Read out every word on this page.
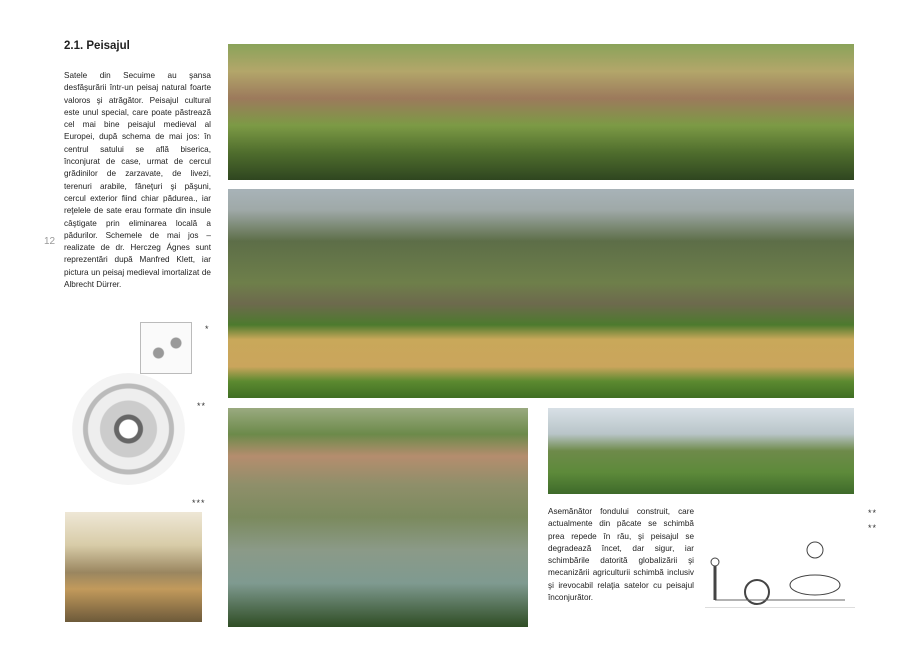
2.1. Peisajul
Satele din Secuime au şansa desfăşurării într-un peisaj natural foarte valoros şi atrăgător. Peisajul cultural este unul special, care poate păstrează cel mai bine peisajul medieval al Europei, după schema de mai jos: în centrul satului se află biserica, înconjurat de case, urmat de cercul grădinilor de zarzavate, de livezi, terenuri arabile, fâneţuri şi păşuni, cercul exterior fiind chiar pădurea., iar reţelele de sate erau formate din insule câştigate prin eliminarea locală a pădurilor. Schemele de mai jos –realizate de dr. Herczeg Ágnes sunt reprezentări după Manfred Klett, iar pictura un peisaj medieval imortalizat de Albrecht Dürrer.
12
Asemănător fondului construit, care actualmente din păcate se schimbă prea repede în rău, şi peisajul se degradează încet, dar sigur, iar schimbările datorită globalizării şi mecanizării agriculturii schimbă inclusiv şi irevocabil relaţia satelor cu peisajul înconjurător.
*
**
***
**
**
